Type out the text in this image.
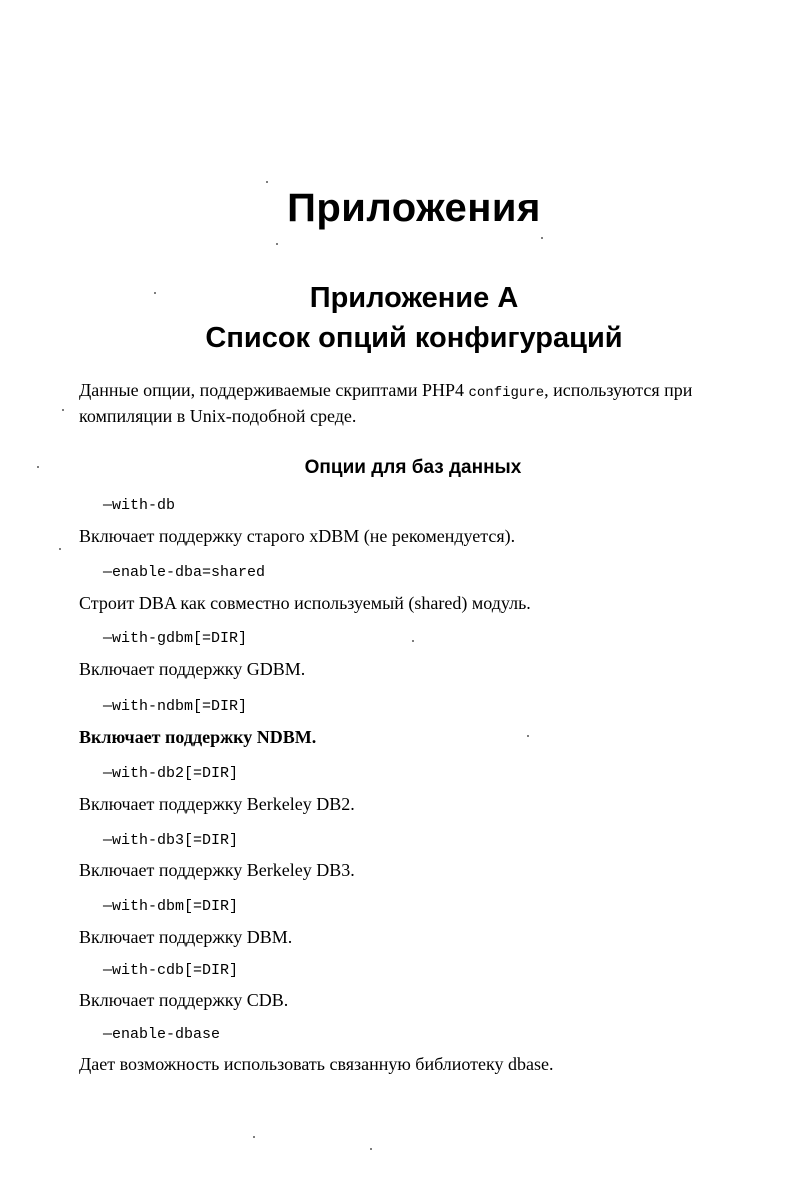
Приложения
Приложение А
Список опций конфигураций

Данные опции, поддерживаемые скриптами PHP4 configure, используются при компиляции в Unix-подобной среде.

Опции для баз данных
—with-db
Включает поддержку старого xDBM (не рекомендуется).
—enable-dba=shared
Строит DBA как совместно используемый (shared) модуль.
—with-gdbm[=DIR]
Включает поддержку GDBM.
—with-ndbm[=DIR]
Включает поддержку NDBM.
—with-db2[=DIR]
Включает поддержку Berkeley DB2.
—with-db3[=DIR]
Включает поддержку Berkeley DB3.
—with-dbm[=DIR]
Включает поддержку DBM.
—with-cdb[=DIR]
Включает поддержку CDB.
—enable-dbase
Дает возможность использовать связанную библиотеку dbase.
